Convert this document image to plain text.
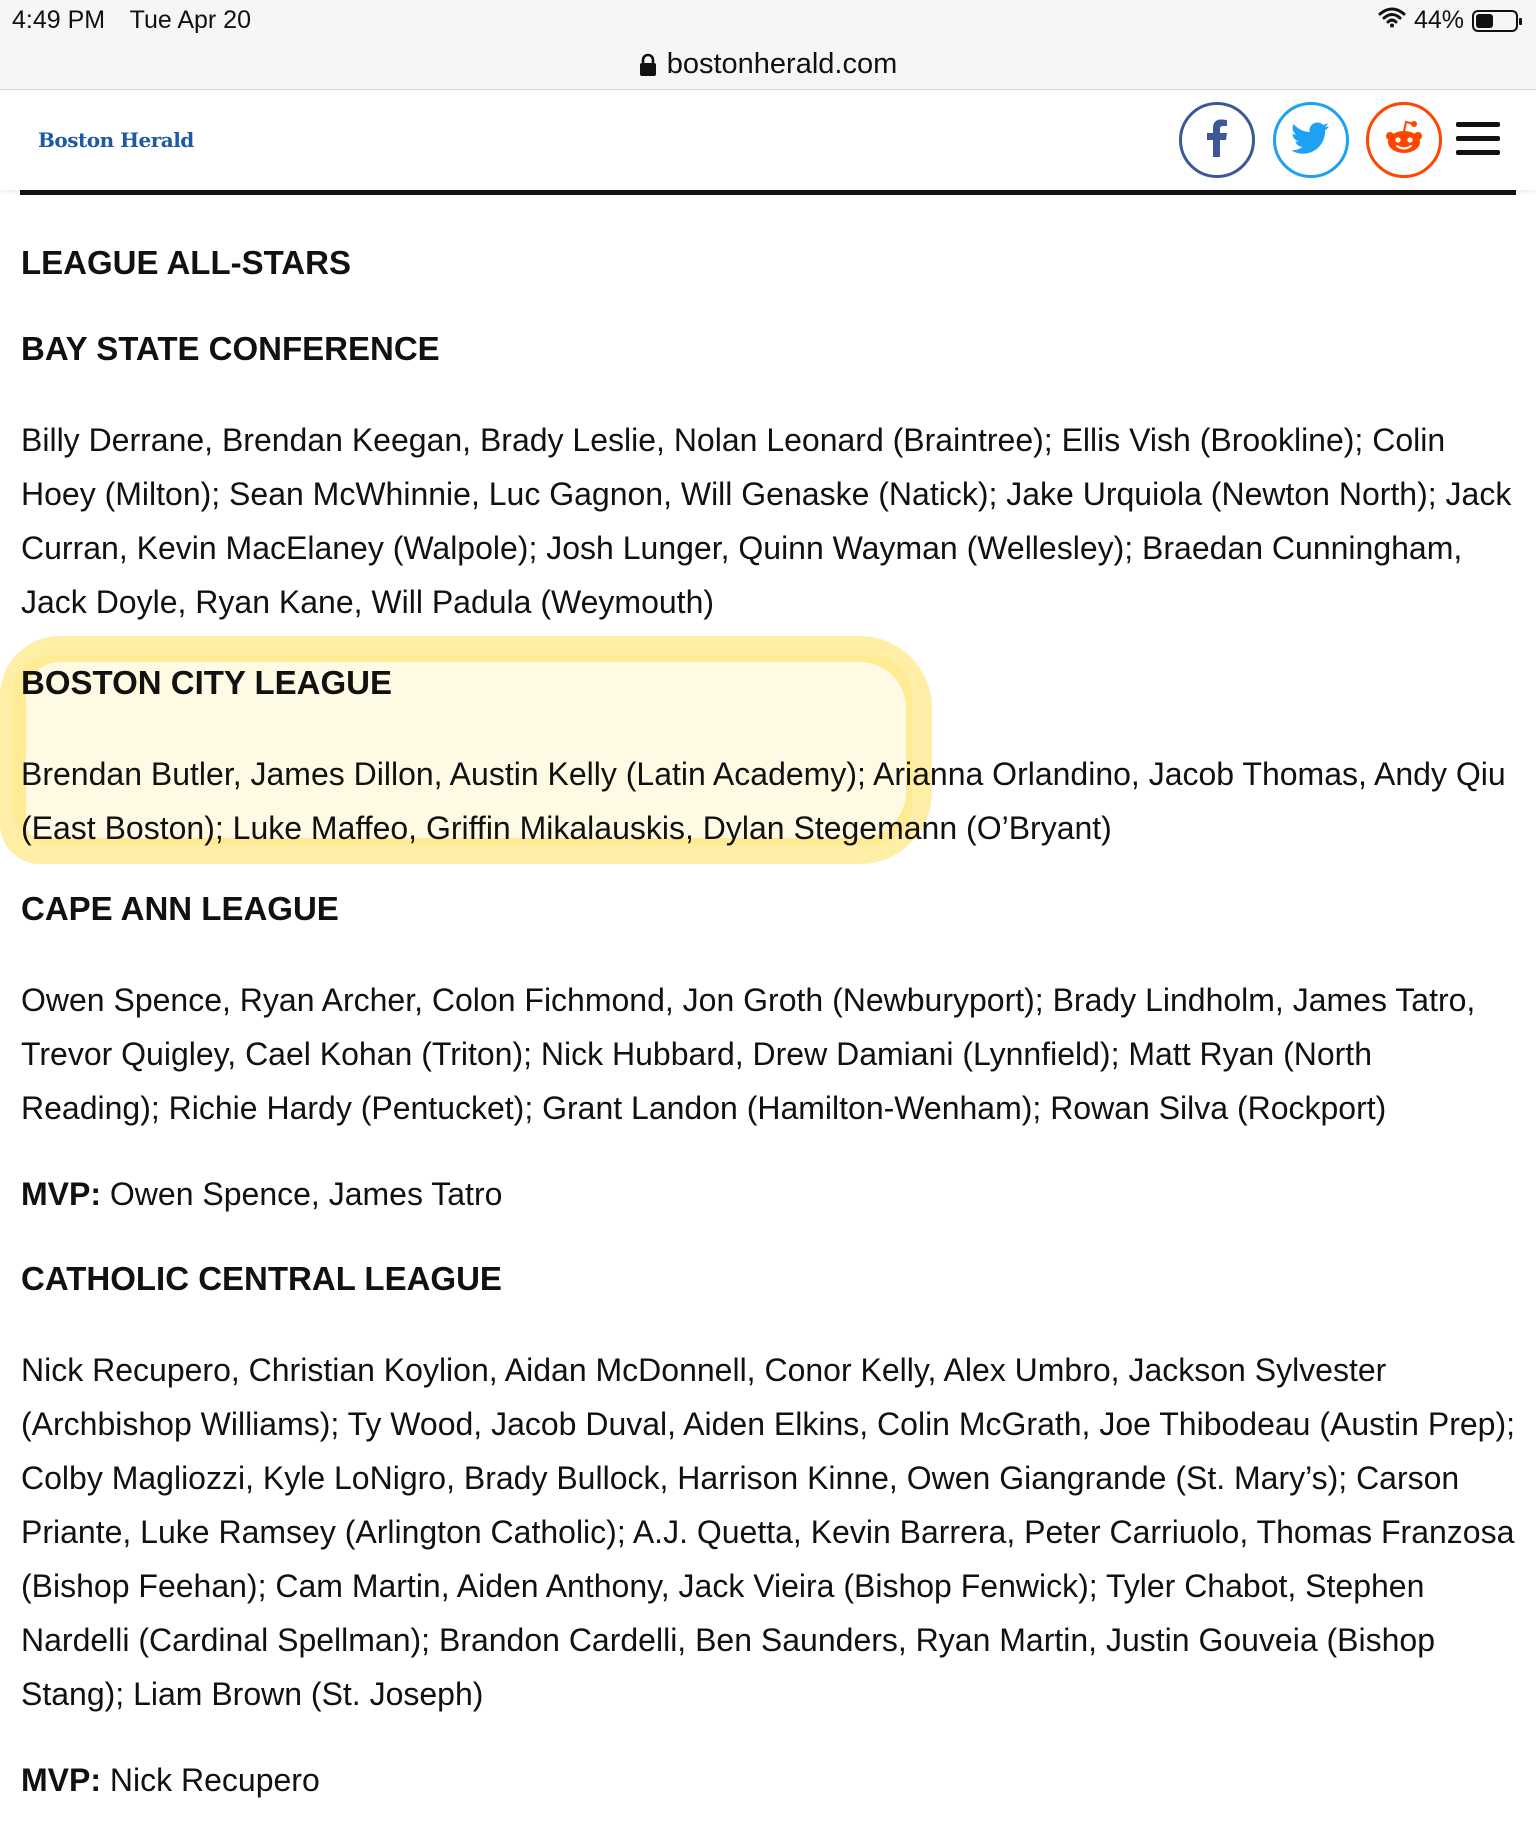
4:49 PM Tue Apr 20	44%
bostonherald.com
Boston Herald
LEAGUE ALL-STARS
BAY STATE CONFERENCE

Billy Derrane, Brendan Keegan, Brady Leslie, Nolan Leonard (Braintree); Ellis Vish (Brookline); Colin Hoey (Milton); Sean McWhinnie, Luc Gagnon, Will Genaske (Natick); Jake Urquiola (Newton North); Jack Curran, Kevin MacElaney (Walpole); Josh Lunger, Quinn Wayman (Wellesley); Braedan Cunningham, Jack Doyle, Ryan Kane, Will Padula (Weymouth)

BOSTON CITY LEAGUE

Brendan Butler, James Dillon, Austin Kelly (Latin Academy); Arianna Orlandino, Jacob Thomas, Andy Qiu (East Boston); Luke Maffeo, Griffin Mikalauskis, Dylan Stegemann (O’Bryant)

CAPE ANN LEAGUE

Owen Spence, Ryan Archer, Colon Fichmond, Jon Groth (Newburyport); Brady Lindholm, James Tatro, Trevor Quigley, Cael Kohan (Triton); Nick Hubbard, Drew Damiani (Lynnfield); Matt Ryan (North Reading); Richie Hardy (Pentucket); Grant Landon (Hamilton-Wenham); Rowan Silva (Rockport)

MVP: Owen Spence, James Tatro
CATHOLIC CENTRAL LEAGUE

Nick Recupero, Christian Koylion, Aidan McDonnell, Conor Kelly, Alex Umbro, Jackson Sylvester (Archbishop Williams); Ty Wood, Jacob Duval, Aiden Elkins, Colin McGrath, Joe Thibodeau (Austin Prep); Colby Magliozzi, Kyle LoNigro, Brady Bullock, Harrison Kinne, Owen Giangrande (St. Mary’s); Carson Priante, Luke Ramsey (Arlington Catholic); A.J. Quetta, Kevin Barrera, Peter Carriuolo, Thomas Franzosa (Bishop Feehan); Cam Martin, Aiden Anthony, Jack Vieira (Bishop Fenwick); Tyler Chabot, Stephen Nardelli (Cardinal Spellman); Brandon Cardelli, Ben Saunders, Ryan Martin, Justin Gouveia (Bishop Stang); Liam Brown (St. Joseph)

MVP: Nick Recupero
